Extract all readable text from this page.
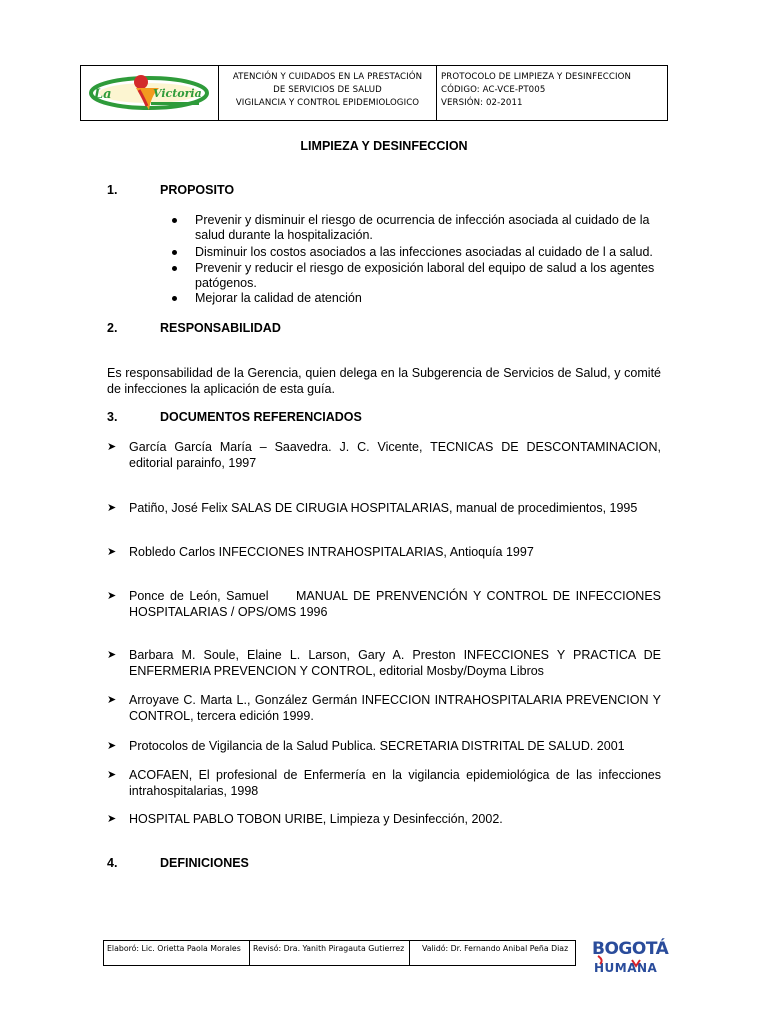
La	Victoria
ATENCIÓN Y CUIDADOS EN LA PRESTACIÓN
DE SERVICIOS DE SALUD
VIGILANCIA Y CONTROL EPIDEMIOLOGICO
PROTOCOLO DE LIMPIEZA Y DESINFECCION
CÓDIGO: AC-VCE-PT005
VERSIÓN: 02-2011
LIMPIEZA Y DESINFECCION
1.	PROPOSITO
Prevenir y disminuir el riesgo de ocurrencia de infección asociada al cuidado de la salud durante la hospitalización.
Disminuir los costos asociados a las infecciones asociadas al cuidado de l a salud.
Prevenir y reducir el riesgo de exposición laboral del equipo de salud a los agentes patógenos.
Mejorar la calidad de atención
2.	RESPONSABILIDAD
Es responsabilidad de la Gerencia, quien delega en la Subgerencia de Servicios de Salud, y comité de infecciones la aplicación de esta guía.
3.	DOCUMENTOS REFERENCIADOS
➤ García García María – Saavedra. J. C. Vicente, TECNICAS DE DESCONTAMINACION, editorial parainfo, 1997
➤ Patiño, José Felix SALAS DE CIRUGIA HOSPITALARIAS, manual de procedimientos, 1995
➤ Robledo Carlos INFECCIONES INTRAHOSPITALARIAS, Antioquía 1997
➤ Ponce de León, Samuel     MANUAL DE PRENVENCIÓN Y CONTROL DE INFECCIONES HOSPITALARIAS / OPS/OMS 1996
➤ Barbara M. Soule, Elaine L. Larson, Gary A. Preston INFECCIONES Y PRACTICA DE ENFERMERIA PREVENCION Y CONTROL, editorial Mosby/Doyma Libros
➤ Arroyave C. Marta L., González Germán INFECCION INTRAHOSPITALARIA PREVENCION Y CONTROL, tercera edición 1999.
➤ Protocolos de Vigilancia de la Salud Publica. SECRETARIA DISTRITAL DE SALUD. 2001
➤ ACOFAEN, El profesional de Enfermería en la vigilancia epidemiológica de las infecciones intrahospitalarias, 1998
➤ HOSPITAL PABLO TOBON URIBE, Limpieza y Desinfección, 2002.
4.	DEFINICIONES
Elaboró: Lic. Orietta Paola Morales	Revisó: Dra. Yanith Piragauta Gutierrez	Validó: Dr. Fernando Anibal Peña Diaz	BOGOTÁ
HUMANA
